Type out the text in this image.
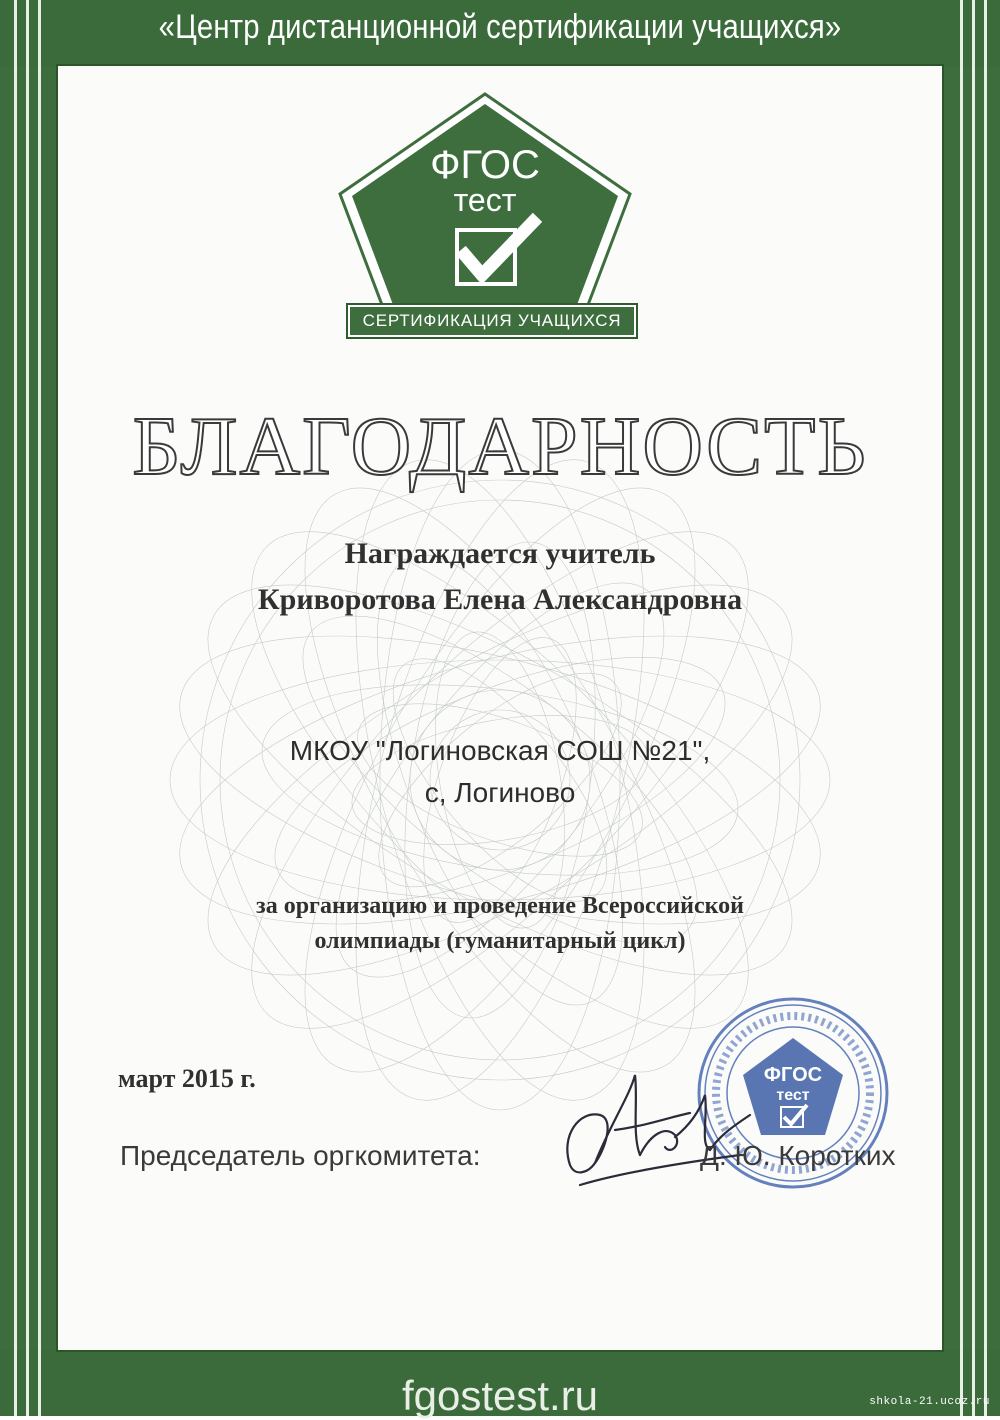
«Центр дистанционной сертификации учащихся»
ФГОС
тест
СЕРТИФИКАЦИЯ УЧАЩИХСЯ
БЛАГОДАРНОСТЬ
Награждается учитель
Криворотова Елена Александровна
МКОУ "Логиновская СОШ №21",
с, Логиново
за организацию и проведение Всероссийской
олимпиады (гуманитарный цикл)
март 2015 г.	ФГОС
тест
Председатель оргкомитета:	Д. Ю. Коротких
fgostest.ru	shkola-21.ucoz.ru
